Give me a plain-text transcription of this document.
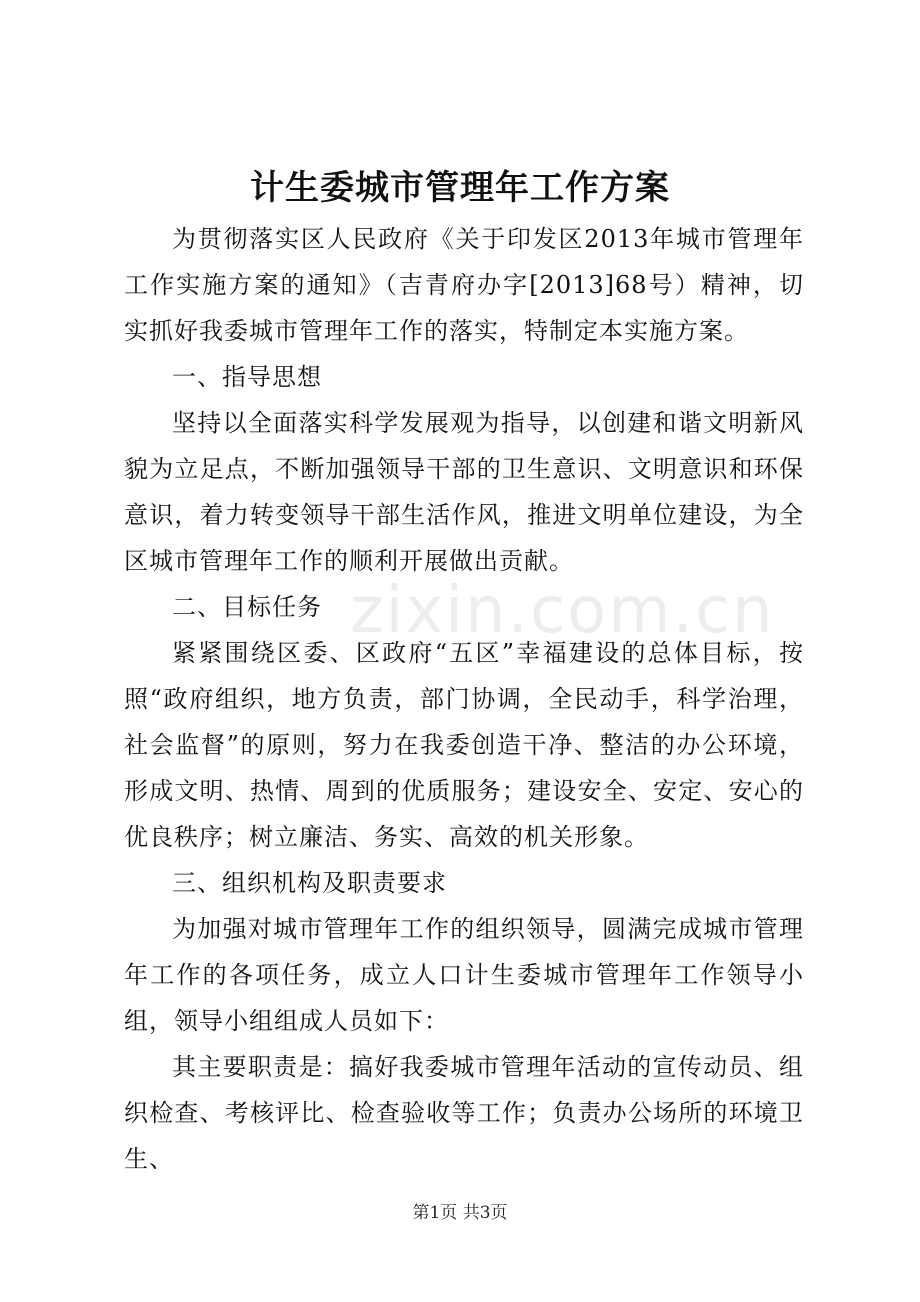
计生委城市管理年工作方案

为贯彻落实区人民政府《关于印发区2013年城市管理年工作实施方案的通知》（吉青府办字[2013]68号）精神，切实抓好我委城市管理年工作的落实，特制定本实施方案。

一、指导思想

坚持以全面落实科学发展观为指导，以创建和谐文明新风貌为立足点，不断加强领导干部的卫生意识、文明意识和环保意识，着力转变领导干部生活作风，推进文明单位建设，为全区城市管理年工作的顺利开展做出贡献。

二、目标任务

紧紧围绕区委、区政府“五区”幸福建设的总体目标，按照“政府组织，地方负责，部门协调，全民动手，科学治理，社会监督”的原则，努力在我委创造干净、整洁的办公环境，形成文明、热情、周到的优质服务；建设安全、安定、安心的优良秩序；树立廉洁、务实、高效的机关形象。

三、组织机构及职责要求

为加强对城市管理年工作的组织领导，圆满完成城市管理年工作的各项任务，成立人口计生委城市管理年工作领导小组，领导小组组成人员如下：

其主要职责是：搞好我委城市管理年活动的宣传动员、组织检查、考核评比、检查验收等工作；负责办公场所的环境卫生、

zixin.com.cn
第1页 共3页
